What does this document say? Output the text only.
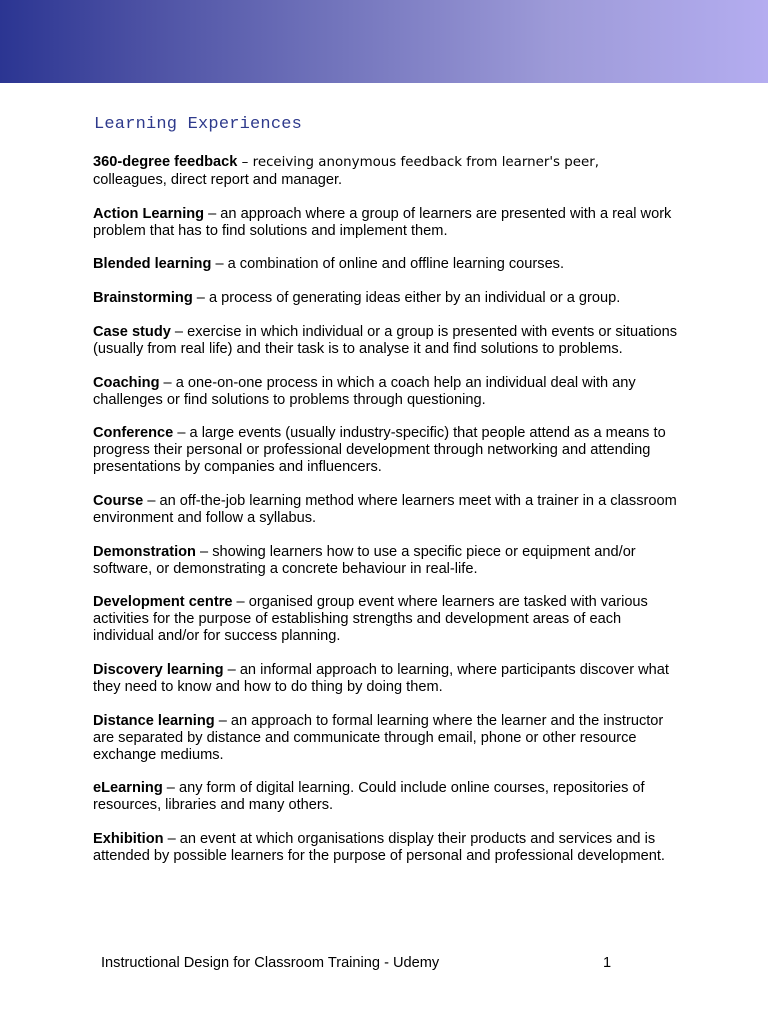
Learning Experiences

360-degree feedback – receiving anonymous feedback from learner's peer,
colleagues, direct report and manager.

Action Learning – an approach where a group of learners are presented with a real work problem that has to find solutions and implement them.

Blended learning – a combination of online and offline learning courses.

Brainstorming – a process of generating ideas either by an individual or a group.

Case study – exercise in which individual or a group is presented with events or situations (usually from real life) and their task is to analyse it and find solutions to problems.

Coaching – a one-on-one process in which a coach help an individual deal with any challenges or find solutions to problems through questioning.

Conference – a large events (usually industry-specific) that people attend as a means to progress their personal or professional development through networking and attending presentations by companies and influencers.

Course – an off-the-job learning method where learners meet with a trainer in a classroom environment and follow a syllabus.

Demonstration – showing learners how to use a specific piece or equipment and/or software, or demonstrating a concrete behaviour in real-life.

Development centre – organised group event where learners are tasked with various activities for the purpose of establishing strengths and development areas of each individual and/or for success planning.

Discovery learning – an informal approach to learning, where participants discover what they need to know and how to do thing by doing them.

Distance learning – an approach to formal learning where the learner and the instructor are separated by distance and communicate through email, phone or other resource exchange mediums.

eLearning – any form of digital learning. Could include online courses, repositories of resources, libraries and many others.

Exhibition – an event at which organisations display their products and services and is attended by possible learners for the purpose of personal and professional development.

Instructional Design for Classroom Training - Udemy	1
